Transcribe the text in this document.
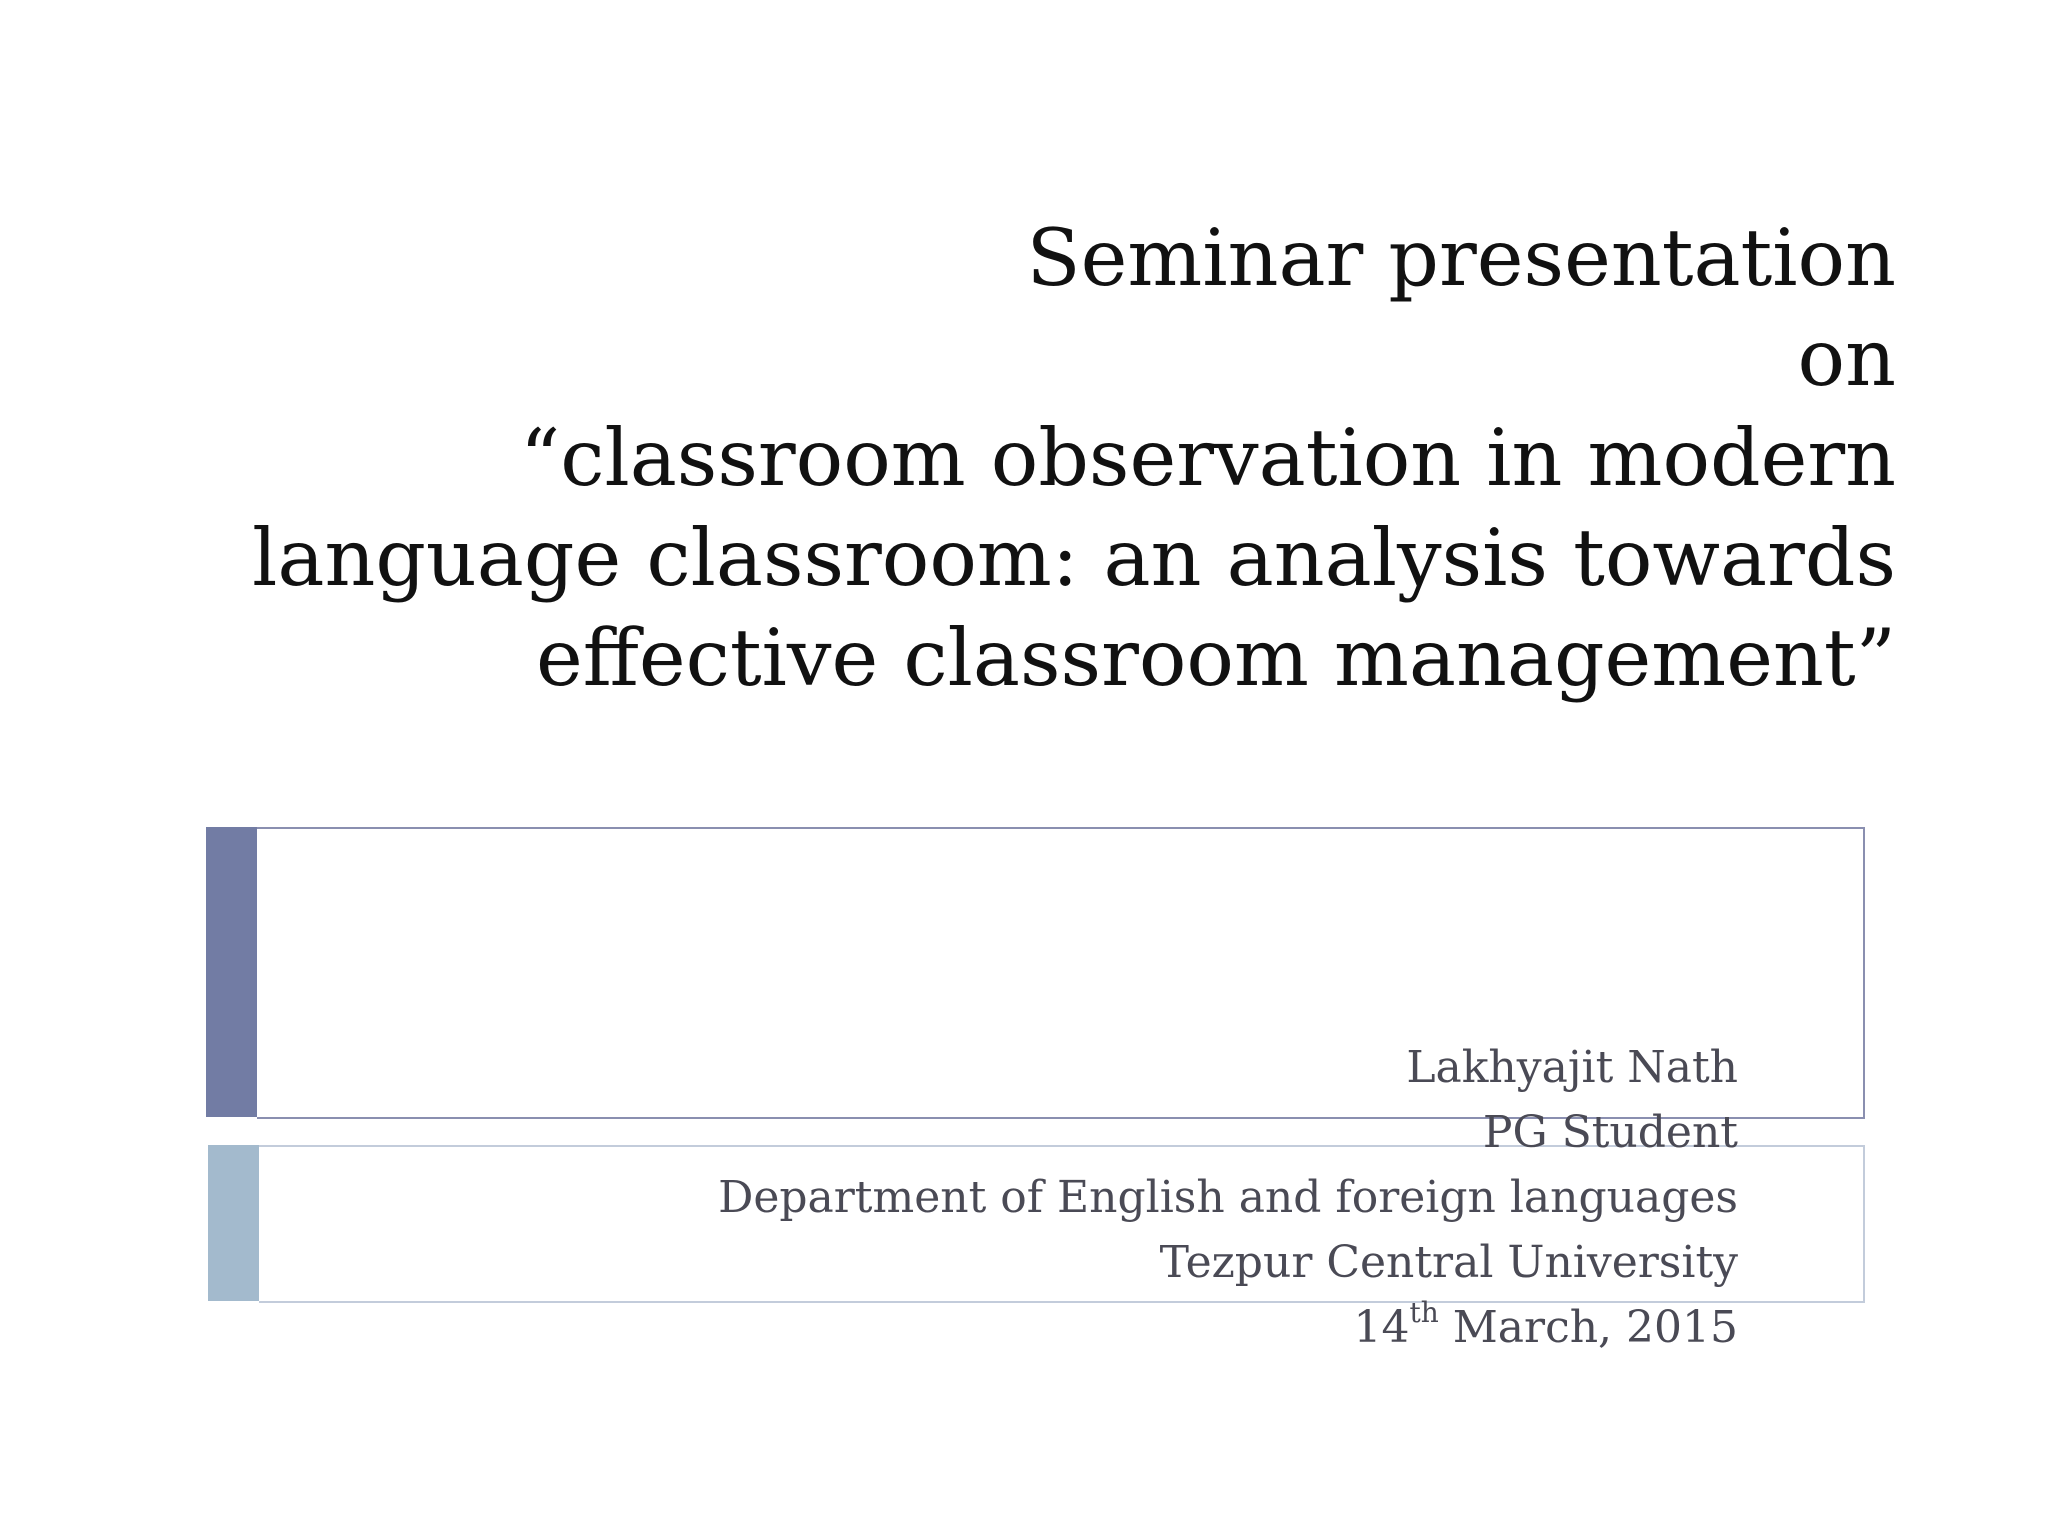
Seminar presentation
on
“classroom observation in modern
language classroom: an analysis towards
effective classroom management”
Lakhyajit Nath
PG Student
Department of English and foreign languages
Tezpur Central University
14th March, 2015
